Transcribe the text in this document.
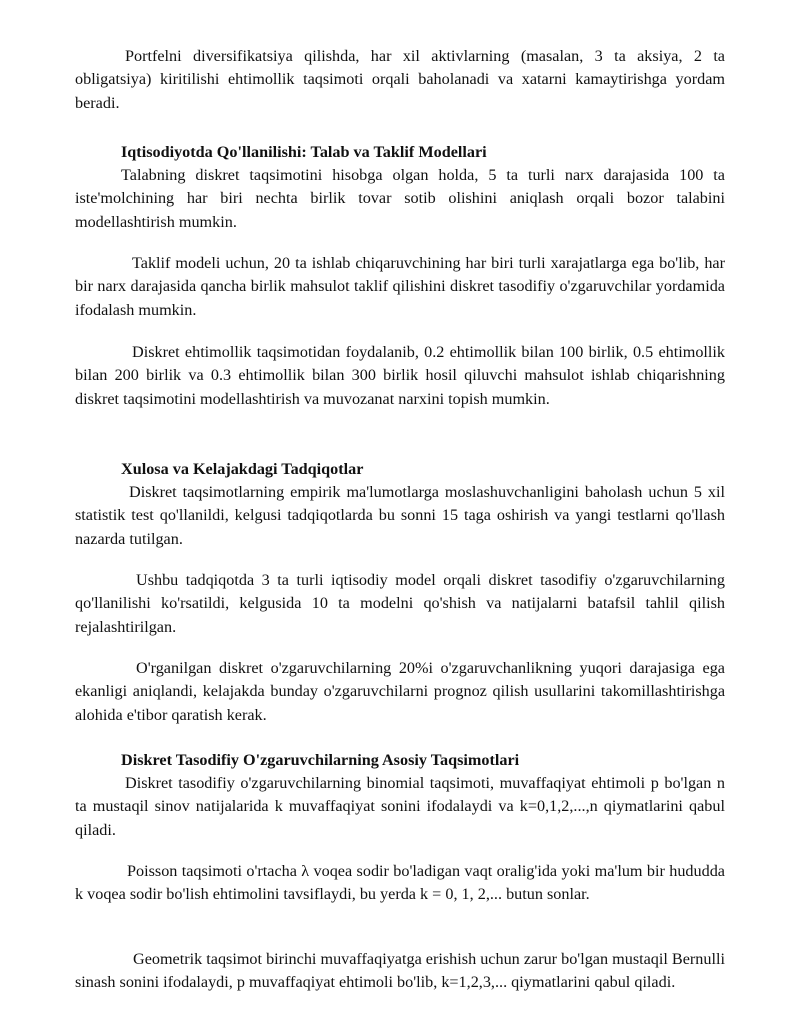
Portfelni diversifikatsiya qilishda, har xil aktivlarning (masalan, 3 ta aksiya, 2 ta obligatsiya) kiritilishi ehtimollik taqsimoti orqali baholanadi va xatarni kamaytirishga yordam beradi.

Iqtisodiyotda Qo'llanilishi: Talab va Taklif Modellari

Talabning diskret taqsimotini hisobga olgan holda, 5 ta turli narx darajasida 100 ta iste'molchining har biri nechta birlik tovar sotib olishini aniqlash orqali bozor talabini modellashtirish mumkin.

Taklif modeli uchun, 20 ta ishlab chiqaruvchining har biri turli xarajatlarga ega bo'lib, har bir narx darajasida qancha birlik mahsulot taklif qilishini diskret tasodifiy o'zgaruvchilar yordamida ifodalash mumkin.

Diskret ehtimollik taqsimotidan foydalanib, 0.2 ehtimollik bilan 100 birlik, 0.5 ehtimollik bilan 200 birlik va 0.3 ehtimollik bilan 300 birlik hosil qiluvchi mahsulot ishlab chiqarishning diskret taqsimotini modellashtirish va muvozanat narxini topish mumkin.

Xulosa va Kelajakdagi Tadqiqotlar

Diskret taqsimotlarning empirik ma'lumotlarga moslashuvchanligini baholash uchun 5 xil statistik test qo'llanildi, kelgusi tadqiqotlarda bu sonni 15 taga oshirish va yangi testlarni qo'llash nazarda tutilgan.

Ushbu tadqiqotda 3 ta turli iqtisodiy model orqali diskret tasodifiy o'zgaruvchilarning qo'llanilishi ko'rsatildi, kelgusida 10 ta modelni qo'shish va natijalarni batafsil tahlil qilish rejalashtirilgan.

O'rganilgan diskret o'zgaruvchilarning 20%i o'zgaruvchanlikning yuqori darajasiga ega ekanligi aniqlandi, kelajakda bunday o'zgaruvchilarni prognoz qilish usullarini takomillashtirishga alohida e'tibor qaratish kerak.

Diskret Tasodifiy O'zgaruvchilarning Asosiy Taqsimotlari

Diskret tasodifiy o'zgaruvchilarning binomial taqsimoti, muvaffaqiyat ehtimoli p bo'lgan n ta mustaqil sinov natijalarida k muvaffaqiyat sonini ifodalaydi va k=0,1,2,...,n qiymatlarini qabul qiladi.

Poisson taqsimoti o'rtacha λ voqea sodir bo'ladigan vaqt oralig'ida yoki ma'lum bir hududda k voqea sodir bo'lish ehtimolini tavsiflaydi, bu yerda k = 0, 1, 2,... butun sonlar.

Geometrik taqsimot birinchi muvaffaqiyatga erishish uchun zarur bo'lgan mustaqil Bernulli sinash sonini ifodalaydi, p muvaffaqiyat ehtimoli bo'lib, k=1,2,3,... qiymatlarini qabul qiladi.
